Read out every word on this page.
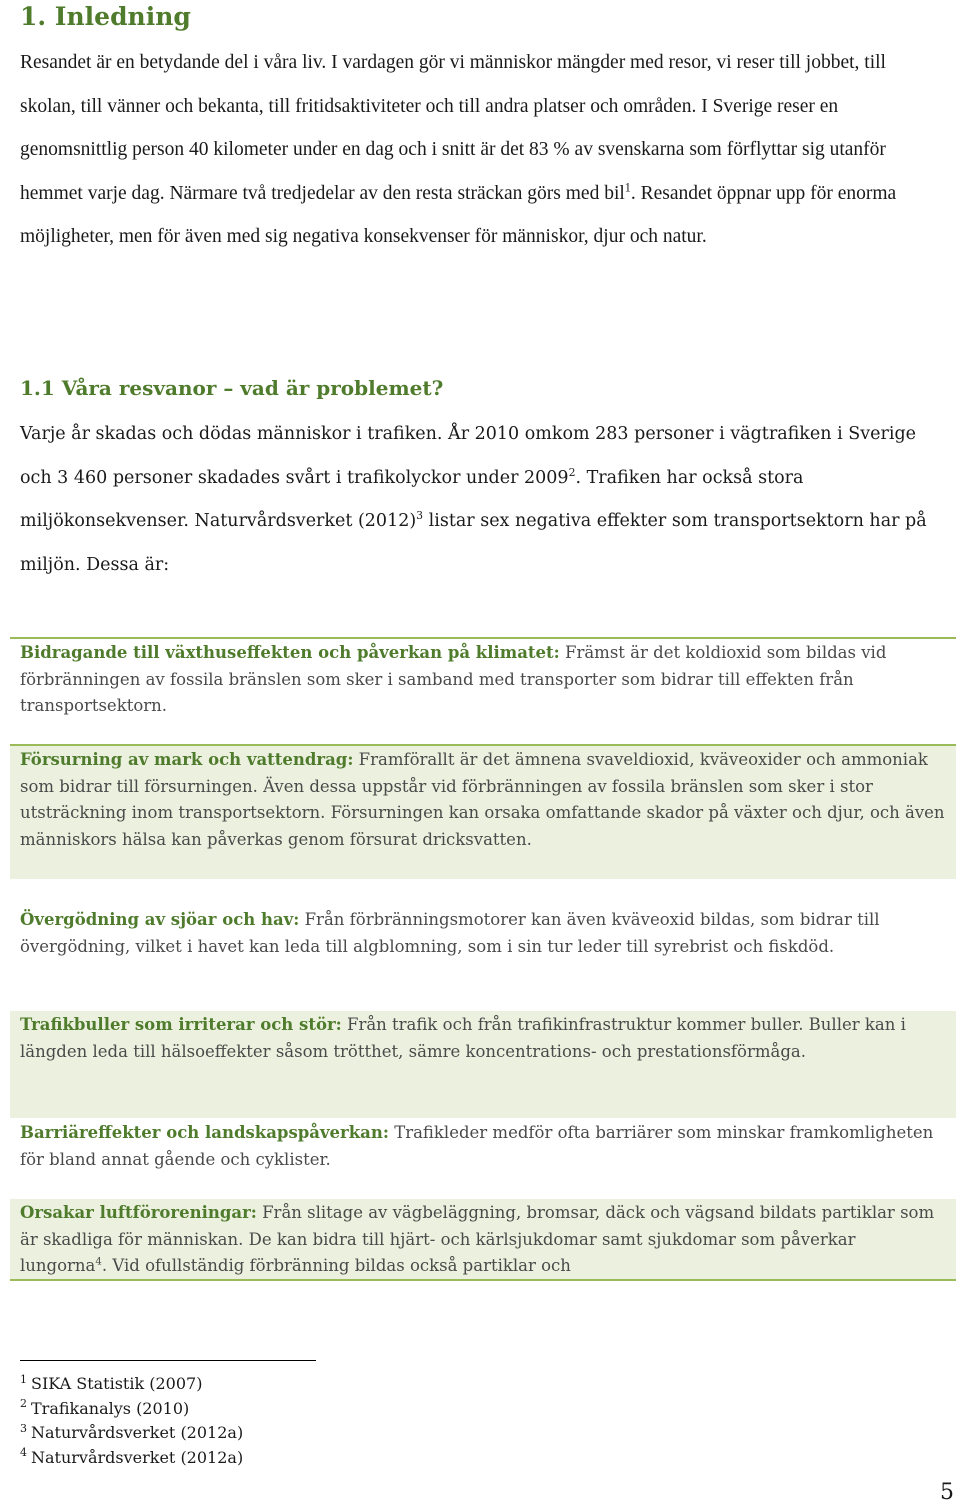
1. Inledning

Resandet är en betydande del i våra liv. I vardagen gör vi människor mängder med resor, vi reser till jobbet, till skolan, till vänner och bekanta, till fritidsaktiviteter och till andra platser och områden. I Sverige reser en genomsnittlig person 40 kilometer under en dag och i snitt är det 83 % av svenskarna som förflyttar sig utanför hemmet varje dag. Närmare två tredjedelar av den resta sträckan görs med bil$^1$. Resandet öppnar upp för enorma möjligheter, men för även med sig negativa konsekvenser för människor, djur och natur.

1.1 Våra resvanor – vad är problemet?

Varje år skadas och dödas människor i trafiken. År 2010 omkom 283 personer i vägtrafiken i Sverige och 3 460 personer skadades svårt i trafikolyckor under 2009$^2$. Trafiken har också stora miljökonsekvenser. Naturvårdsverket $(2012)^3$ listar sex negativa effekter som transportsektorn har på miljön. Dessa är:

Bidragande till växthuseffekten och påverkan på klimatet: Främst är det koldioxid som bildas vid förbränningen av fossila bränslen som sker i samband med transporter som bidrar till effekten från transportsektorn.
Försurning av mark och vattendrag: Framförallt är det ämnena svaveldioxid, kväveoxider och ammoniak som bidrar till försurningen. Även dessa uppstår vid förbränningen av fossila bränslen som sker i stor utsträckning inom transportsektorn. Försurningen kan orsaka omfattande skador på växter och djur, och även människors hälsa kan påverkas genom försurat dricksvatten.
Övergödning av sjöar och hav: Från förbränningsmotorer kan även kväveoxid bildas, som bidrar till övergödning, vilket i havet kan leda till algblomning, som i sin tur leder till syrebrist och fiskdöd.
Trafikbuller som irriterar och stör: Från trafik och från trafikinfrastruktur kommer buller. Buller kan i längden leda till hälsoeffekter såsom trötthet, sämre koncentrations- och prestationsförmåga.
Barriäreffekter och landskapspåverkan: Trafikleder medför ofta barriärer som minskar framkomligheten för bland annat gående och cyklister.
Orsakar luftföroreningar: Från slitage av vägbeläggning, bromsar, däck och vägsand bildats partiklar som är skadliga för människan. De kan bidra till hjärt- och kärlsjukdomar samt sjukdomar som påverkar lungorna$^4$. Vid ofullständig förbränning bildas också partiklar och
$^1$ SIKA Statistik (2007)
$^2$ Trafikanalys (2010)
$^3$ Naturvårdsverket (2012a)
$^4$ Naturvårdsverket (2012a)
5
